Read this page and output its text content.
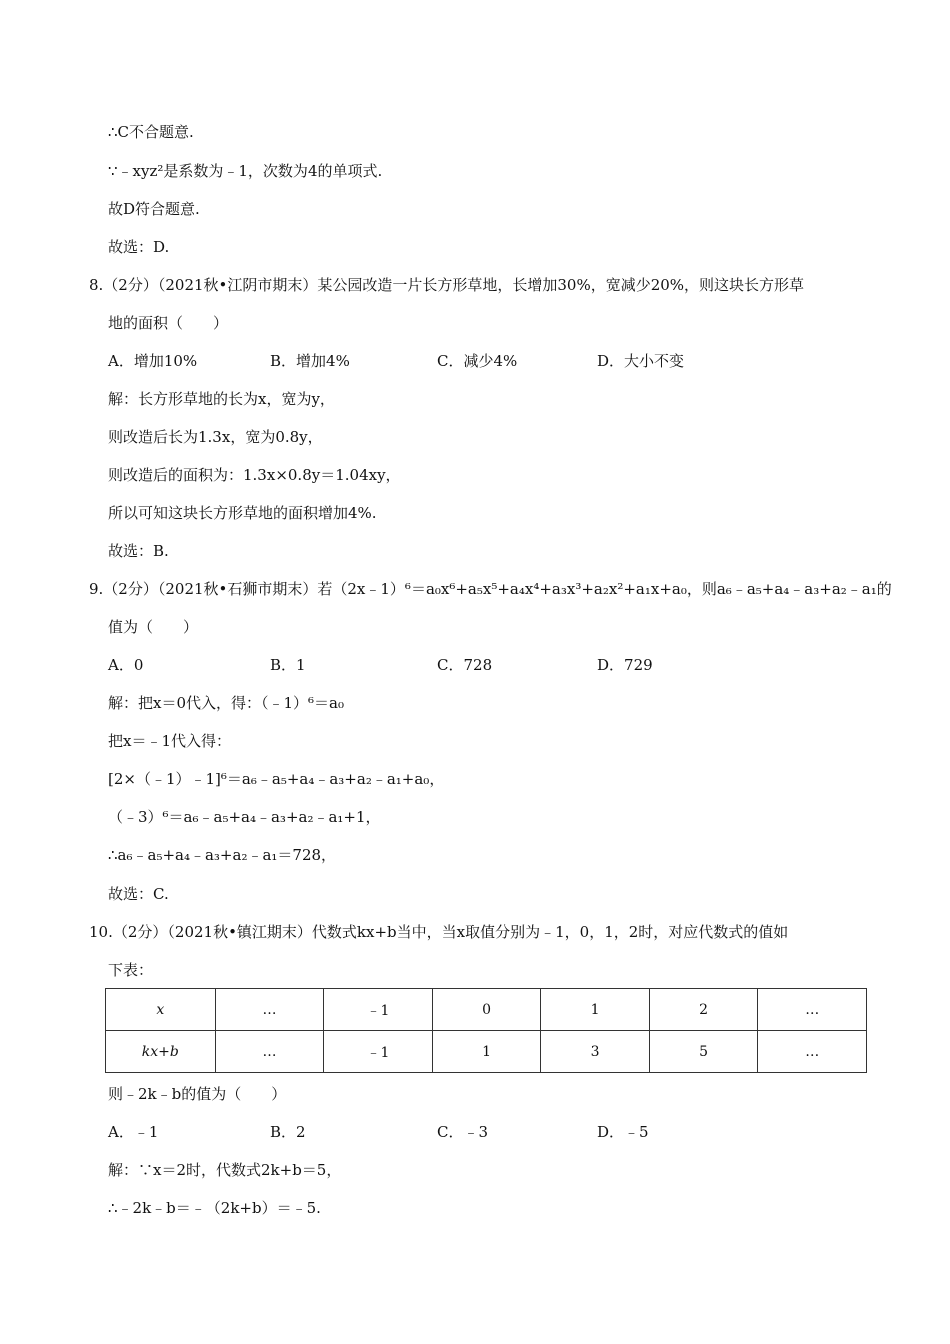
∴C不合题意.
∵﹣xyz²是系数为﹣1，次数为4的单项式.
故D符合题意.
故选：D.
8.（2分）（2021秋•江阴市期末）某公园改造一片长方形草地，长增加30%，宽减少20%，则这块长方形草
地的面积（　　）
A．增加10%	B．增加4%	C．减少4%	D．大小不变
解：长方形草地的长为x，宽为y，
则改造后长为1.3x，宽为0.8y，
则改造后的面积为：1.3x×0.8y＝1.04xy，
所以可知这块长方形草地的面积增加4%.
故选：B.
9.（2分）（2021秋•石狮市期末）若（2x﹣1）⁶＝a₀x⁶+a₅x⁵+a₄x⁴+a₃x³+a₂x²+a₁x+a₀，则a₆﹣a₅+a₄﹣a₃+a₂﹣a₁的
值为（　　）
A．0	B．1	C．728	D．729
解：把x＝0代入，得：（﹣1）⁶＝a₀
把x＝﹣1代入得：
[2×（﹣1）﹣1]⁶＝a₆﹣a₅+a₄﹣a₃+a₂﹣a₁+a₀，
（﹣3）⁶＝a₆﹣a₅+a₄﹣a₃+a₂﹣a₁+1，
∴a₆﹣a₅+a₄﹣a₃+a₂﹣a₁＝728，
故选：C.
10.（2分）（2021秋•镇江期末）代数式kx+b当中，当x取值分别为﹣1，0，1，2时，对应代数式的值如
下表：
x	…	﹣1	0	1	2	…
kx+b	…	﹣1	1	3	5	…
则﹣2k﹣b的值为（　　）
A．﹣1	B．2	C．﹣3	D．﹣5
解：∵x＝2时，代数式2k+b＝5，
∴﹣2k﹣b＝﹣（2k+b）＝﹣5.
